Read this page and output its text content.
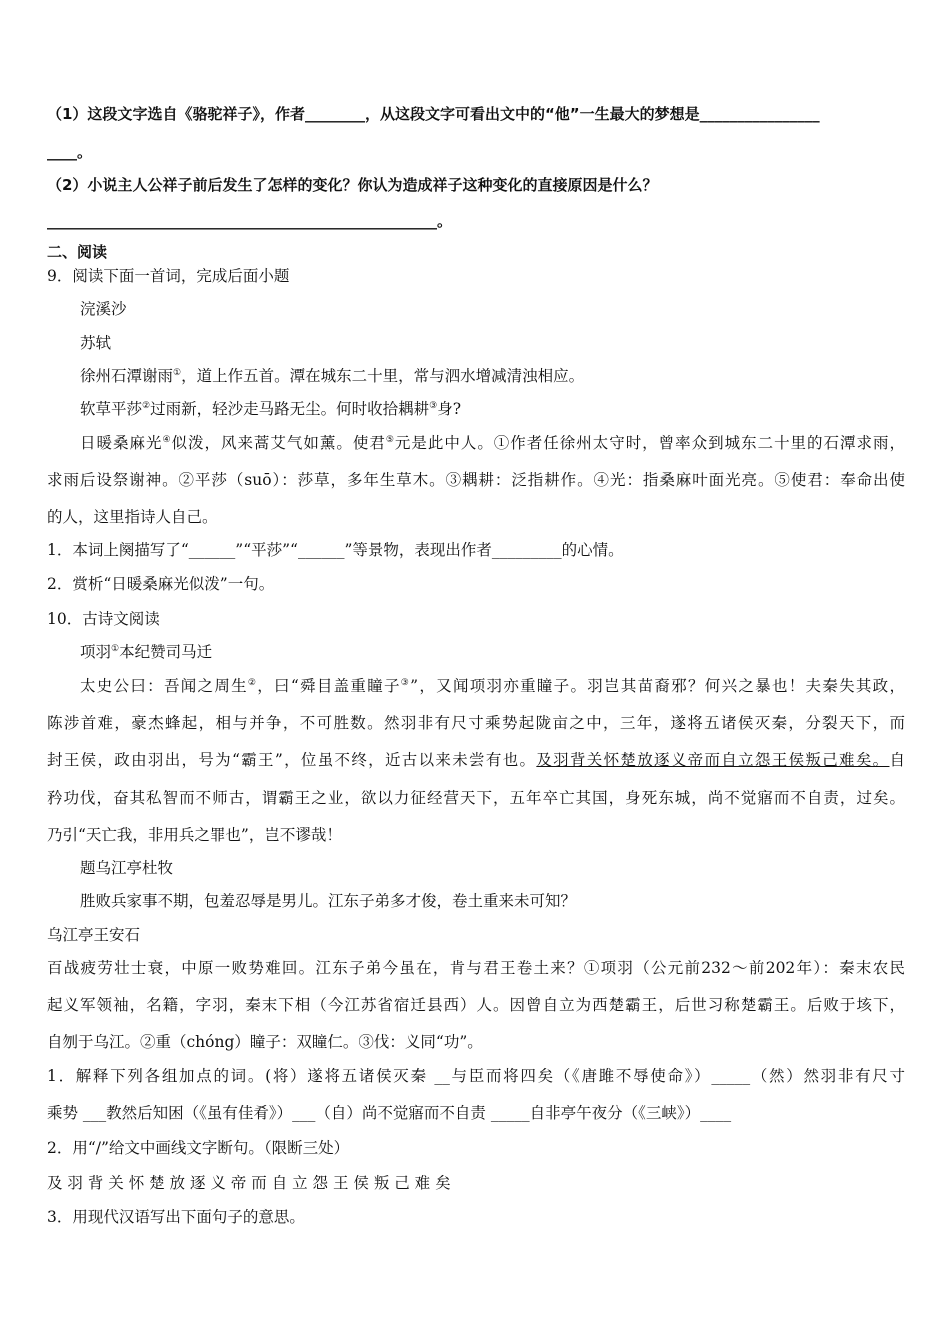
（1）这段文字选自《骆驼祥子》，作者________，从这段文字可看出文中的“他”一生最大的梦想是________________
____。
（2）小说主人公祥子前后发生了怎样的变化？你认为造成祥子这种变化的直接原因是什么？
____________________________________________________。
二、阅读
9．阅读下面一首词，完成后面小题
浣溪沙
苏轼
徐州石潭谢雨①，道上作五首。潭在城东二十里，常与泗水增减清浊相应。
软草平莎②过雨新，轻沙走马路无尘。何时收拾耦耕③身?
日暖桑麻光④似泼，风来蒿艾气如薰。使君⑤元是此中人。①作者任徐州太守时，曾率众到城东二十里的石潭求雨，
求雨后设祭谢神。②平莎（suō）：莎草，多年生草木。③耦耕：泛指耕作。④光：指桑麻叶面光亮。⑤使君：奉命出使
的人，这里指诗人自己。
1．本词上阕描写了“______”“平莎”“______”等景物，表现出作者_________的心情。
2．赏析“日暖桑麻光似泼”一句。
10．古诗文阅读
项羽①本纪赞司马迁
太史公曰：吾闻之周生②，曰“舜目盖重瞳子③”，又闻项羽亦重瞳子。羽岂其苗裔邪？何兴之暴也！夫秦失其政，
陈涉首难，豪杰蜂起，相与并争，不可胜数。然羽非有尺寸乘势起陇亩之中，三年，遂将五诸侯灭秦，分裂天下，而
封王侯，政由羽出，号为“霸王”，位虽不终，近古以来未尝有也。及羽背关怀楚放逐义帝而自立怨王侯叛己难矣。自
矜功伐，奋其私智而不师古，谓霸王之业，欲以力征经营天下，五年卒亡其国，身死东城，尚不觉寤而不自责，过矣。
乃引“天亡我，非用兵之罪也”，岂不谬哉！
题乌江亭杜牧
胜败兵家事不期，包羞忍辱是男儿。江东子弟多才俊，卷土重来未可知？
乌江亭王安石
百战疲劳壮士衰，中原一败势难回。江东子弟今虽在，肯与君王卷土来？①项羽（公元前232～前202年）：秦末农民
起义军领袖，名籍，字羽，秦末下相（今江苏省宿迁县西）人。因曾自立为西楚霸王，后世习称楚霸王。后败于垓下，
自刎于乌江。②重（chóng）瞳子：双瞳仁。③伐：义同“功”。
1．解释下列各组加点的词。(将）遂将五诸侯灭秦 __与臣而将四矣（《唐雎不辱使命》）_____（然）然羽非有尺寸
乘势 ___教然后知困（《虽有佳肴》）___（自）尚不觉寤而不自责 _____自非亭午夜分（《三峡》）____
2．用“/”给文中画线文字断句。（限断三处）
及 羽 背 关 怀 楚 放 逐 义 帝 而 自 立 怨 王 侯 叛 己 难 矣
3．用现代汉语写出下面句子的意思。
